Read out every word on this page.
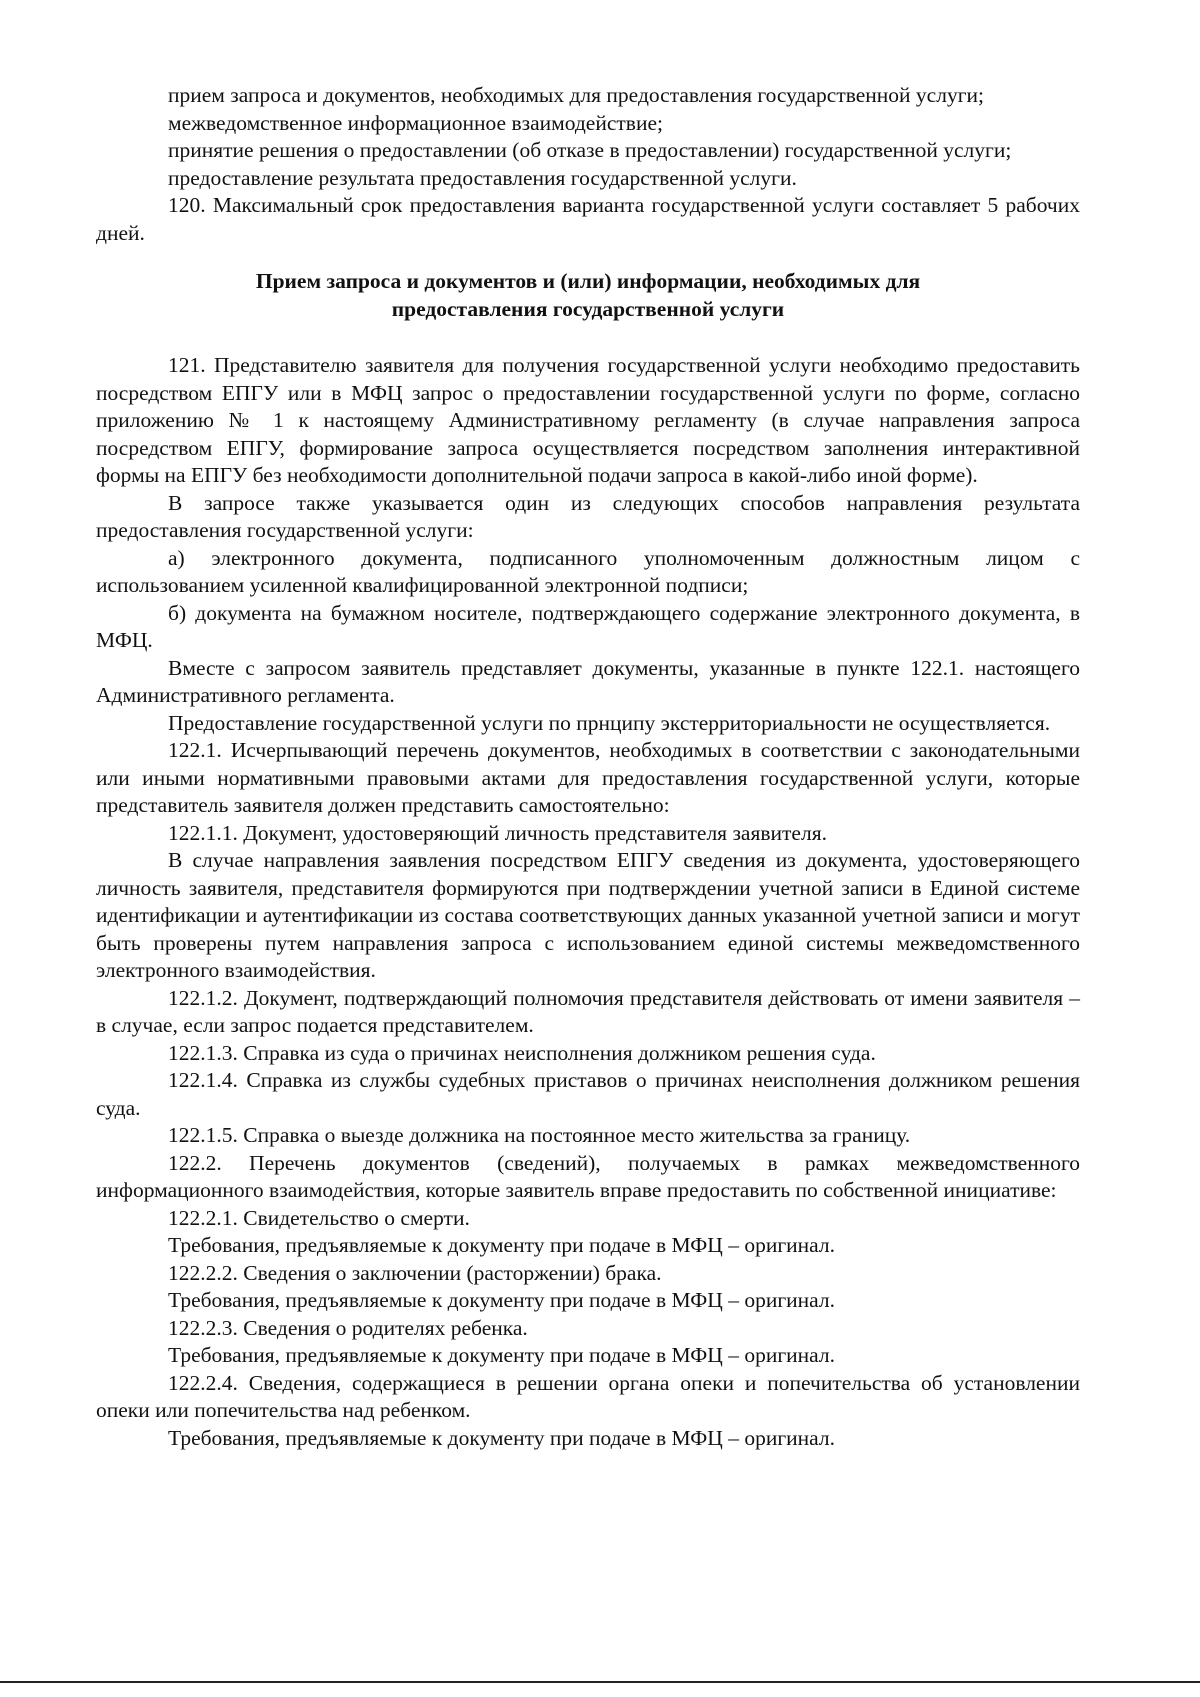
прием запроса и документов, необходимых для предоставления государственной услуги;

межведомственное информационное взаимодействие;

принятие решения о предоставлении (об отказе в предоставлении) государственной услуги;

предоставление результата предоставления государственной услуги.

120. Максимальный срок предоставления варианта государственной услуги составляет 5 рабочих дней.

Прием запроса и документов и (или) информации, необходимых для
предоставления государственной услуги

121. Представителю заявителя для получения государственной услуги необходимо предоставить посредством ЕПГУ или в МФЦ запрос о предоставлении государственной услуги по форме, согласно приложению № 1 к настоящему Административному регламенту (в случае направления запроса посредством ЕПГУ, формирование запроса осуществляется посредством заполнения интерактивной формы на ЕПГУ без необходимости дополнительной подачи запроса в какой-либо иной форме).

В запросе также указывается один из следующих способов направления результата предоставления государственной услуги:

а) электронного документа, подписанного уполномоченным должностным лицом с использованием усиленной квалифицированной электронной подписи;

б) документа на бумажном носителе, подтверждающего содержание электронного документа, в МФЦ.

Вместе с запросом заявитель представляет документы, указанные в пункте 122.1. настоящего Административного регламента.

Предоставление государственной услуги по прнципу экстерриториальности не осуществляется.

122.1. Исчерпывающий перечень документов, необходимых в соответствии с законодательными или иными нормативными правовыми актами для предоставления государственной услуги, которые представитель заявителя должен представить самостоятельно:

122.1.1. Документ, удостоверяющий личность представителя заявителя.

В случае направления заявления посредством ЕПГУ сведения из документа, удостоверяющего личность заявителя, представителя формируются при подтверждении учетной записи в Единой системе идентификации и аутентификации из состава соответствующих данных указанной учетной записи и могут быть проверены путем направления запроса с использованием единой системы межведомственного электронного взаимодействия.

122.1.2. Документ, подтверждающий полномочия представителя действовать от имени заявителя – в случае, если запрос подается представителем.

122.1.3. Справка из суда о причинах неисполнения должником решения суда.

122.1.4. Справка из службы судебных приставов о причинах неисполнения должником решения суда.

122.1.5. Справка о выезде должника на постоянное место жительства за границу.

122.2. Перечень документов (сведений), получаемых в рамках межведомственного информационного взаимодействия, которые заявитель вправе предоставить по собственной инициативе:

122.2.1. Свидетельство о смерти.

Требования, предъявляемые к документу при подаче в МФЦ – оригинал.

122.2.2. Сведения о заключении (расторжении) брака.

Требования, предъявляемые к документу при подаче в МФЦ – оригинал.

122.2.3. Сведения о родителях ребенка.

Требования, предъявляемые к документу при подаче в МФЦ – оригинал.

122.2.4. Сведения, содержащиеся в решении органа опеки и попечительства об установлении опеки или попечительства над ребенком.

Требования, предъявляемые к документу при подаче в МФЦ – оригинал.
